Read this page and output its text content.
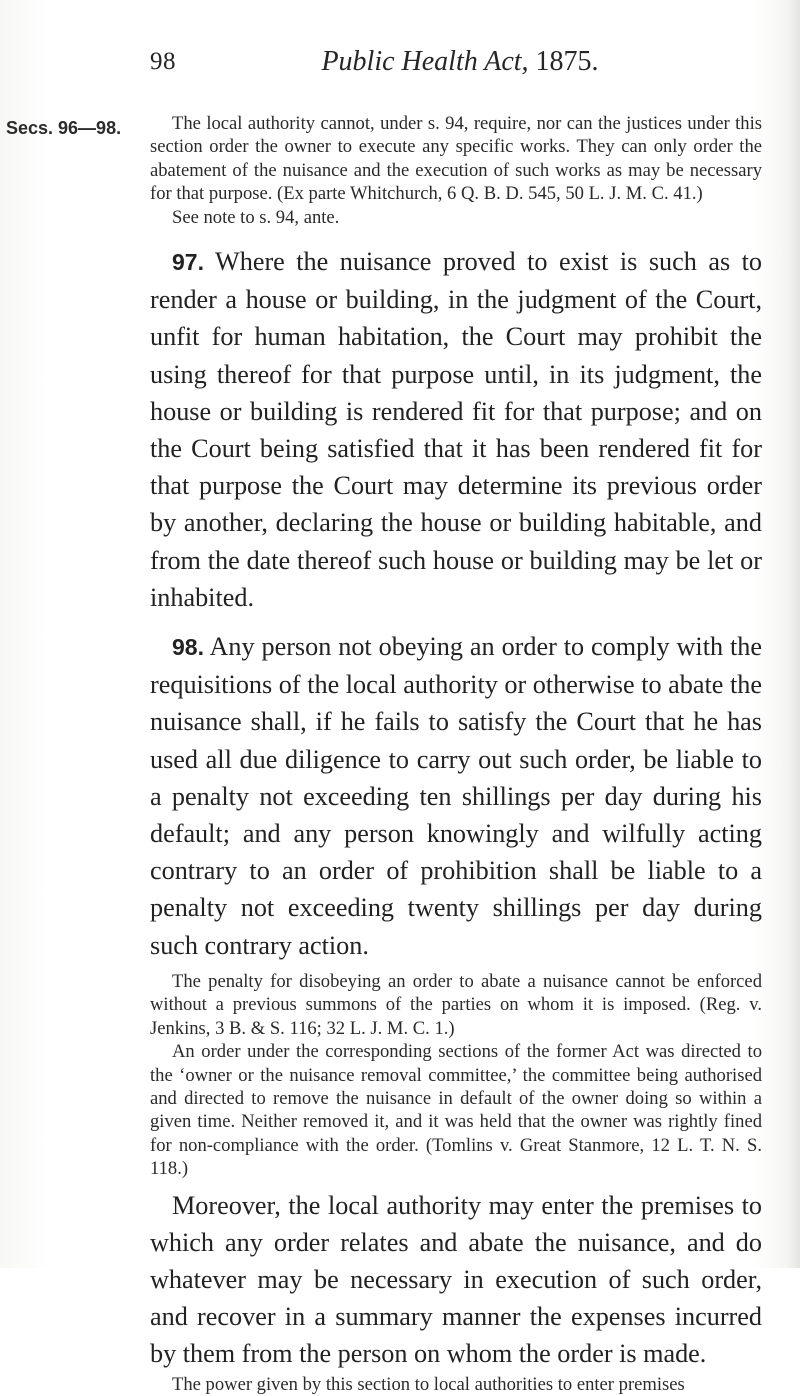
98	Public Health Act, 1875.
Secs. 96—98.	The local authority cannot, under s. 94, require, nor can the justices under this section order the owner to execute any specific works. They can only order the abatement of the nuisance and the execution of such works as may be necessary for that purpose. (Ex parte Whitchurch, 6 Q. B. D. 545, 50 L. J. M. C. 41.)

See note to s. 94, ante.

97. Where the nuisance proved to exist is such as to render a house or building, in the judgment of the Court, unfit for human habitation, the Court may prohibit the using thereof for that purpose until, in its judgment, the house or building is rendered fit for that purpose; and on the Court being satisfied that it has been rendered fit for that purpose the Court may determine its previous order by another, declaring the house or building habitable, and from the date thereof such house or building may be let or inhabited.

98. Any person not obeying an order to comply with the requisitions of the local authority or otherwise to abate the nuisance shall, if he fails to satisfy the Court that he has used all due diligence to carry out such order, be liable to a penalty not exceeding ten shillings per day during his default; and any person knowingly and wilfully acting contrary to an order of prohibition shall be liable to a penalty not exceeding twenty shillings per day during such contrary action.

The penalty for disobeying an order to abate a nuisance cannot be enforced without a previous summons of the parties on whom it is imposed. (Reg. v. Jenkins, 3 B. & S. 116; 32 L. J. M. C. 1.)

An order under the corresponding sections of the former Act was directed to the ‘owner or the nuisance removal committee,’ the committee being authorised and directed to remove the nuisance in default of the owner doing so within a given time. Neither removed it, and it was held that the owner was rightly fined for non-compliance with the order. (Tomlins v. Great Stanmore, 12 L. T. N. S. 118.)

Moreover, the local authority may enter the premises to which any order relates and abate the nuisance, and do whatever may be necessary in execution of such order, and recover in a summary manner the expenses incurred by them from the person on whom the order is made.

The power given by this section to local authorities to enter premises
